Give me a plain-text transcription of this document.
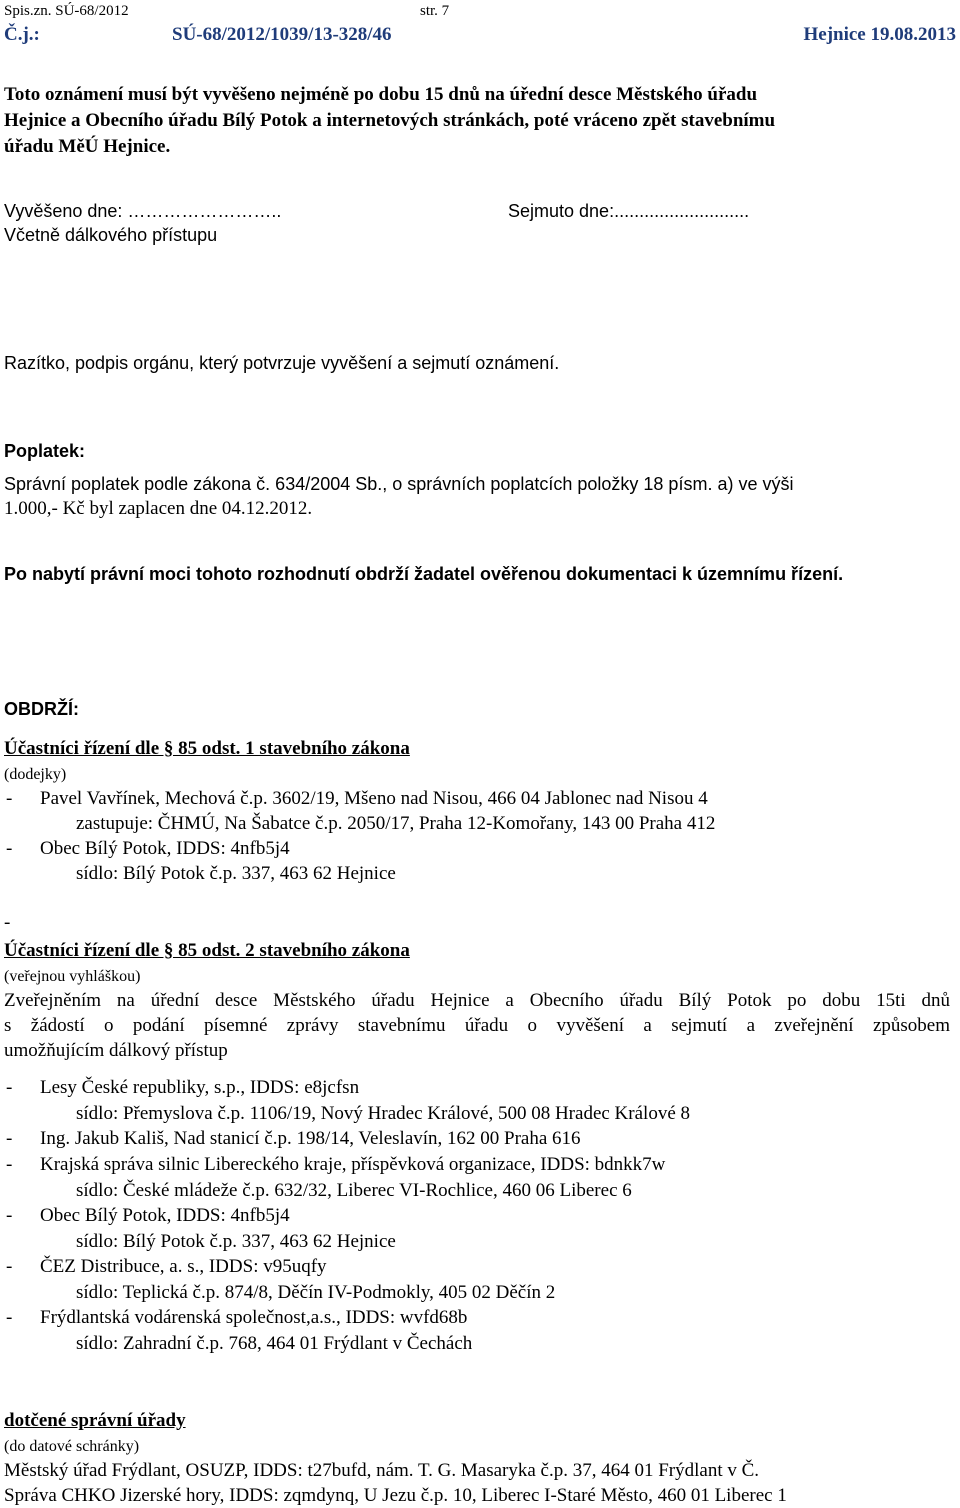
Spis.zn. SÚ-68/2012	str. 7
Č.j.:	SÚ-68/2012/1039/13-328/46	Hejnice 19.08.2013
Toto oznámení musí být vyvěšeno nejméně po dobu 15 dnů na úřední desce Městského úřadu
Hejnice a Obecního úřadu Bílý Potok a internetových stránkách, poté vráceno zpět stavebnímu
úřadu MěÚ Hejnice.
Vyvěšeno dne: ……………………..	Sejmuto dne:...........................
Včetně dálkového přístupu
Razítko, podpis orgánu, který potvrzuje vyvěšení a sejmutí oznámení.
Poplatek:
Správní poplatek podle zákona č. 634/2004 Sb., o správních poplatcích položky 18 písm. a) ve výši
1.000,- Kč byl zaplacen dne 04.12.2012.
Po nabytí právní moci tohoto rozhodnutí obdrží žadatel ověřenou dokumentaci k územnímu řízení.
OBDRŽÍ:
Účastníci řízení dle § 85 odst. 1 stavebního zákona
(dodejky)
- Pavel Vavřínek, Mechová č.p. 3602/19, Mšeno nad Nisou, 466 04 Jablonec nad Nisou 4
zastupuje: ČHMÚ, Na Šabatce č.p. 2050/17, Praha 12-Komořany, 143 00 Praha 412
- Obec Bílý Potok, IDDS: 4nfb5j4
sídlo: Bílý Potok č.p. 337, 463 62 Hejnice
-
Účastníci řízení dle § 85 odst. 2 stavebního zákona
(veřejnou vyhláškou)
Zveřejněním na úřední desce Městského úřadu Hejnice a Obecního úřadu Bílý Potok po dobu 15ti dnů
s žádostí o podání písemné zprávy stavebnímu úřadu o vyvěšení a sejmutí a zveřejnění způsobem
umožňujícím dálkový přístup
- Lesy České republiky, s.p., IDDS: e8jcfsn
sídlo: Přemyslova č.p. 1106/19, Nový Hradec Králové, 500 08 Hradec Králové 8
- Ing. Jakub Kališ, Nad stanicí č.p. 198/14, Veleslavín, 162 00 Praha 616
- Krajská správa silnic Libereckého kraje, příspěvková organizace, IDDS: bdnkk7w
sídlo: České mládeže č.p. 632/32, Liberec VI-Rochlice, 460 06 Liberec 6
- Obec Bílý Potok, IDDS: 4nfb5j4
sídlo: Bílý Potok č.p. 337, 463 62 Hejnice
- ČEZ Distribuce, a. s., IDDS: v95uqfy
sídlo: Teplická č.p. 874/8, Děčín IV-Podmokly, 405 02 Děčín 2
- Frýdlantská vodárenská společnost,a.s., IDDS: wvfd68b
sídlo: Zahradní č.p. 768, 464 01 Frýdlant v Čechách
dotčené správní úřady
(do datové schránky)
Městský úřad Frýdlant, OSUZP, IDDS: t27bufd, nám. T. G. Masaryka č.p. 37, 464 01 Frýdlant v Č.
Správa CHKO Jizerské hory, IDDS: zqmdynq, U Jezu č.p. 10, Liberec I-Staré Město, 460 01 Liberec 1
